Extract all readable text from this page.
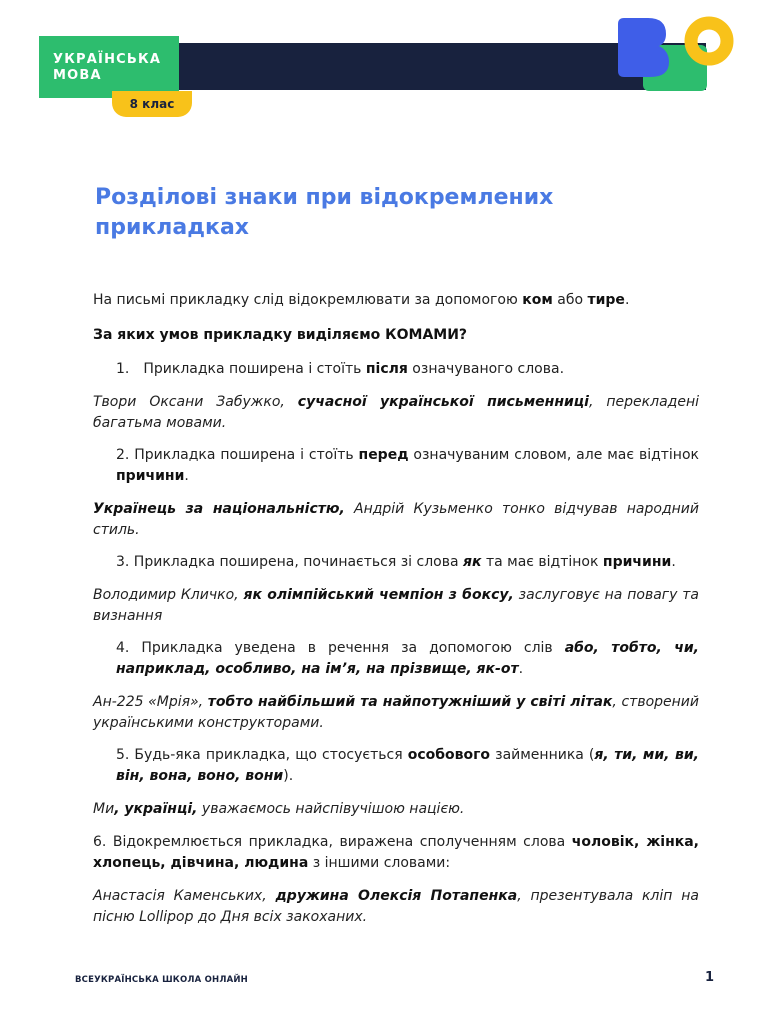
УКРАЇНСЬКА
МОВА
8 клас
Розділові знаки при відокремлених прикладках

На письмі прикладку слід відокремлювати за допомогою ком або тире.

За яких умов прикладку виділяємо КОМАМИ?

1. Прикладка поширена і стоїть після означуваного слова.

Твори Оксани Забужко, сучасної української письменниці, перекладені багатьма мовами.

2. Прикладка поширена і стоїть перед означуваним словом, але має відтінок причини.

Українець за національністю, Андрій Кузьменко тонко відчував народний стиль.

3. Прикладка поширена, починається зі слова як та має відтінок причини.

Володимир Кличко, як олімпійський чемпіон з боксу, заслуговує на повагу та визнання

4. Прикладка уведена в речення за допомогою слів або, тобто, чи, наприклад, особливо, на ім’я, на прізвище, як-от.

Ан-225 «Мрія», тобто найбільший та найпотужніший у світі літак, створений українськими конструкторами.

5. Будь-яка прикладка, що стосується особового займенника (я, ти, ми, ви, він, вона, воно, вони).

Ми, українці, уважаємось найспівучішою нацією.

6. Відокремлюється прикладка, виражена сполученням слова чоловік, жінка, хлопець, дівчина, людина з іншими словами:

Анастасія Каменських, дружина Олексія Потапенка, презентувала кліп на пісню Lollipop до Дня всіх закоханих.

ВСЕУКРАЇНСЬКА ШКОЛА ОНЛАЙН	1
